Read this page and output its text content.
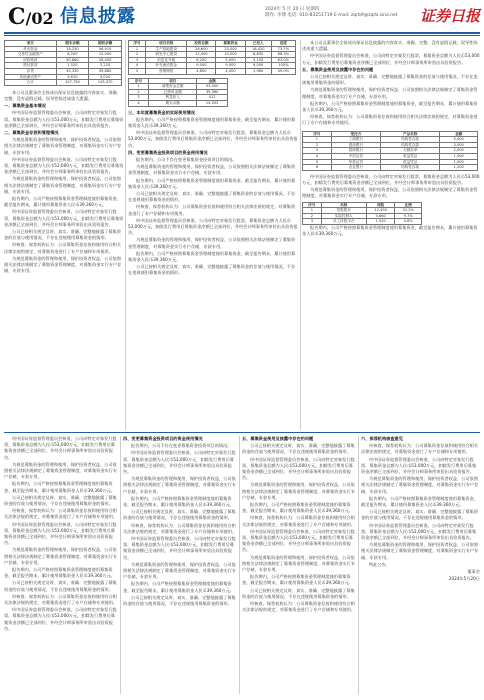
C/02 信息披露	2024年 5 月 20 日 星期四
制作: 李博 电话: 010-83251719 E-mail: zqrb9@zqrb.sina.net	证券日报
项目	期末余额	期初余额
货币资金	18,230	56,910
交易性金融资产	8,200	12,000
应收账款	30,860	28,450
预付款项	1,520	2,210
存货	45,330	39,880
其他流动资产	3,610	4,020
合计	107,750	143,470

本公司及董事会全体成员保证信息披露的内容真实、准确、完整，没有虚假记载、误导性陈述或重大遗漏。

一、募集资金基本情况

经中国证券监督管理委员会核准，公司向特定对象发行股票，募集资金总额为人民币53,000万元，扣除发行费用后募集资金净额已全部到位，并经会计师事务所审验出具验资报告。

二、募集资金存放和管理情况

为规范募集资金的管理和使用，保护投资者权益，公司依照相关法律法规制定了募集资金管理制度，对募集资金实行专户存储，专款专用。

经中国证券监督管理委员会核准，公司向特定对象发行股票，募集资金总额为人民币53,000万元，扣除发行费用后募集资金净额已全部到位，并经会计师事务所审验出具验资报告。

为规范募集资金的管理和使用，保护投资者权益，公司依照相关法律法规制定了募集资金管理制度，对募集资金实行专户存储，专款专用。

报告期内，公司严格按照募集资金管理制度使用募集资金，截至报告期末，累计使用募集资金人民币39,360万元。

经中国证券监督管理委员会核准，公司向特定对象发行股票，募集资金总额为人民币53,000万元，扣除发行费用后募集资金净额已全部到位，并经会计师事务所审验出具验资报告。

公司已按相关规定及时、真实、准确、完整地披露了募集资金的存放与使用情况，不存在违规使用募集资金的情形。

经核查，保荐机构认为：公司募集资金存放和使用符合相关法律法规的规定，对募集资金进行了专户存储和专项使用。

为规范募集资金的管理和使用，保护投资者权益，公司依照相关法律法规制定了募集资金管理制度，对募集资金实行专户存储，专款专用。

序号	项目名称	投资总额	募集资金	已投入	进度
1	生产基地建设	28,600	25,000	18,420	73.7%
2	研发中心建设	12,400	10,000	6,830	68.3%
3	信息化升级	6,200	5,000	3,150	63.0%
4	补充流动资金	9,000	9,000	9,000	100%
5	营销网络	4,800	4,000	1,960	49.0%
序号	项目	金额
1	募集资金总额	53,000
2	已使用金额	39,360
3	利息收入	412
4	期末余额	14,052

三、本年度募集资金的实际使用情况

报告期内，公司严格按照募集资金管理制度使用募集资金，截至报告期末，累计使用募集资金人民币39,360万元。

经中国证券监督管理委员会核准，公司向特定对象发行股票，募集资金总额为人民币53,000万元，扣除发行费用后募集资金净额已全部到位，并经会计师事务所审验出具验资报告。

四、变更募集资金投资项目的资金使用情况

报告期内，公司不存在变更募集资金投资项目的情况。

为规范募集资金的管理和使用，保护投资者权益，公司依照相关法律法规制定了募集资金管理制度，对募集资金实行专户存储，专款专用。

报告期内，公司严格按照募集资金管理制度使用募集资金，截至报告期末，累计使用募集资金人民币39,360万元。

公司已按相关规定及时、真实、准确、完整地披露了募集资金的存放与使用情况，不存在违规使用募集资金的情形。

经核查，保荐机构认为：公司募集资金存放和使用符合相关法律法规的规定，对募集资金进行了专户存储和专项使用。

经中国证券监督管理委员会核准，公司向特定对象发行股票，募集资金总额为人民币53,000万元，扣除发行费用后募集资金净额已全部到位，并经会计师事务所审验出具验资报告。

为规范募集资金的管理和使用，保护投资者权益，公司依照相关法律法规制定了募集资金管理制度，对募集资金实行专户存储，专款专用。

报告期内，公司严格按照募集资金管理制度使用募集资金，截至报告期末，累计使用募集资金人民币39,360万元。

公司已按相关规定及时、真实、准确、完整地披露了募集资金的存放与使用情况，不存在违规使用募集资金的情形。

本公司及董事会全体成员保证信息披露的内容真实、准确、完整，没有虚假记载、误导性陈述或重大遗漏。

经中国证券监督管理委员会核准，公司向特定对象发行股票，募集资金总额为人民币53,000万元，扣除发行费用后募集资金净额已全部到位，并经会计师事务所审验出具验资报告。

五、募集资金使用及披露中存在的问题

公司已按相关规定及时、真实、准确、完整地披露了募集资金的存放与使用情况，不存在违规使用募集资金的情形。

为规范募集资金的管理和使用，保护投资者权益，公司依照相关法律法规制定了募集资金管理制度，对募集资金实行专户存储，专款专用。

报告期内，公司严格按照募集资金管理制度使用募集资金，截至报告期末，累计使用募集资金人民币39,360万元。

经核查，保荐机构认为：公司募集资金存放和使用符合相关法律法规的规定，对募集资金进行了专户存储和专项使用。

序号	受托方	产品名称	金额
1	工商银行	结构性存款	5,000
2	建设银行	结构性存款	3,000
3	招商银行	大额存单	2,000
4	中信证券	收益凭证	1,500
5	华泰证券	收益凭证	1,000
6	农业银行	结构性存款	1,200

经中国证券监督管理委员会核准，公司向特定对象发行股票，募集资金总额为人民币53,000万元，扣除发行费用后募集资金净额已全部到位，并经会计师事务所审验出具验资报告。

为规范募集资金的管理和使用，保护投资者权益，公司依照相关法律法规制定了募集资金管理制度，对募集资金实行专户存储，专款专用。

序号	名称	持股	比例
1	控股股东	12,450	31.2%
2	实际控制人	3,860	9.7%
3	员工持股平台	1,920	4.8%

报告期内，公司严格按照募集资金管理制度使用募集资金，截至报告期末，累计使用募集资金人民币39,360万元。

经中国证券监督管理委员会核准，公司向特定对象发行股票，募集资金总额为人民币53,000万元，扣除发行费用后募集资金净额已全部到位，并经会计师事务所审验出具验资报告。

为规范募集资金的管理和使用，保护投资者权益，公司依照相关法律法规制定了募集资金管理制度，对募集资金实行专户存储，专款专用。

报告期内，公司严格按照募集资金管理制度使用募集资金，截至报告期末，累计使用募集资金人民币39,360万元。

公司已按相关规定及时、真实、准确、完整地披露了募集资金的存放与使用情况，不存在违规使用募集资金的情形。

经核查，保荐机构认为：公司募集资金存放和使用符合相关法律法规的规定，对募集资金进行了专户存储和专项使用。

经中国证券监督管理委员会核准，公司向特定对象发行股票，募集资金总额为人民币53,000万元，扣除发行费用后募集资金净额已全部到位，并经会计师事务所审验出具验资报告。

为规范募集资金的管理和使用，保护投资者权益，公司依照相关法律法规制定了募集资金管理制度，对募集资金实行专户存储，专款专用。

报告期内，公司严格按照募集资金管理制度使用募集资金，截至报告期末，累计使用募集资金人民币39,360万元。

公司已按相关规定及时、真实、准确、完整地披露了募集资金的存放与使用情况，不存在违规使用募集资金的情形。

经核查，保荐机构认为：公司募集资金存放和使用符合相关法律法规的规定，对募集资金进行了专户存储和专项使用。

经中国证券监督管理委员会核准，公司向特定对象发行股票，募集资金总额为人民币53,000万元，扣除发行费用后募集资金净额已全部到位，并经会计师事务所审验出具验资报告。

四、变更募集资金投资项目的资金使用情况

报告期内，公司不存在变更募集资金投资项目的情况。

经中国证券监督管理委员会核准，公司向特定对象发行股票，募集资金总额为人民币53,000万元，扣除发行费用后募集资金净额已全部到位，并经会计师事务所审验出具验资报告。

为规范募集资金的管理和使用，保护投资者权益，公司依照相关法律法规制定了募集资金管理制度，对募集资金实行专户存储，专款专用。

报告期内，公司严格按照募集资金管理制度使用募集资金，截至报告期末，累计使用募集资金人民币39,360万元。

公司已按相关规定及时、真实、准确、完整地披露了募集资金的存放与使用情况，不存在违规使用募集资金的情形。

经核查，保荐机构认为：公司募集资金存放和使用符合相关法律法规的规定，对募集资金进行了专户存储和专项使用。

经中国证券监督管理委员会核准，公司向特定对象发行股票，募集资金总额为人民币53,000万元，扣除发行费用后募集资金净额已全部到位，并经会计师事务所审验出具验资报告。

为规范募集资金的管理和使用，保护投资者权益，公司依照相关法律法规制定了募集资金管理制度，对募集资金实行专户存储，专款专用。

报告期内，公司严格按照募集资金管理制度使用募集资金，截至报告期末，累计使用募集资金人民币39,360万元。

公司已按相关规定及时、真实、准确、完整地披露了募集资金的存放与使用情况，不存在违规使用募集资金的情形。

五、募集资金使用及披露中存在的问题

公司已按相关规定及时、真实、准确、完整地披露了募集资金的存放与使用情况，不存在违规使用募集资金的情形。

经中国证券监督管理委员会核准，公司向特定对象发行股票，募集资金总额为人民币53,000万元，扣除发行费用后募集资金净额已全部到位，并经会计师事务所审验出具验资报告。

为规范募集资金的管理和使用，保护投资者权益，公司依照相关法律法规制定了募集资金管理制度，对募集资金实行专户存储，专款专用。

报告期内，公司严格按照募集资金管理制度使用募集资金，截至报告期末，累计使用募集资金人民币39,360万元。

经核查，保荐机构认为：公司募集资金存放和使用符合相关法律法规的规定，对募集资金进行了专户存储和专项使用。

经中国证券监督管理委员会核准，公司向特定对象发行股票，募集资金总额为人民币53,000万元，扣除发行费用后募集资金净额已全部到位，并经会计师事务所审验出具验资报告。

为规范募集资金的管理和使用，保护投资者权益，公司依照相关法律法规制定了募集资金管理制度，对募集资金实行专户存储，专款专用。

报告期内，公司严格按照募集资金管理制度使用募集资金，截至报告期末，累计使用募集资金人民币39,360万元。

公司已按相关规定及时、真实、准确、完整地披露了募集资金的存放与使用情况，不存在违规使用募集资金的情形。

经核查，保荐机构认为：公司募集资金存放和使用符合相关法律法规的规定，对募集资金进行了专户存储和专项使用。

六、保荐机构核查意见

经核查，保荐机构认为：公司募集资金存放和使用符合相关法律法规的规定，对募集资金进行了专户存储和专项使用。

经中国证券监督管理委员会核准，公司向特定对象发行股票，募集资金总额为人民币53,000万元，扣除发行费用后募集资金净额已全部到位，并经会计师事务所审验出具验资报告。

为规范募集资金的管理和使用，保护投资者权益，公司依照相关法律法规制定了募集资金管理制度，对募集资金实行专户存储，专款专用。

报告期内，公司严格按照募集资金管理制度使用募集资金，截至报告期末，累计使用募集资金人民币39,360万元。

公司已按相关规定及时、真实、准确、完整地披露了募集资金的存放与使用情况，不存在违规使用募集资金的情形。

经中国证券监督管理委员会核准，公司向特定对象发行股票，募集资金总额为人民币53,000万元，扣除发行费用后募集资金净额已全部到位，并经会计师事务所审验出具验资报告。

为规范募集资金的管理和使用，保护投资者权益，公司依照相关法律法规制定了募集资金管理制度，对募集资金实行专户存储，专款专用。

特此公告。

董事会

2024年5月20日
